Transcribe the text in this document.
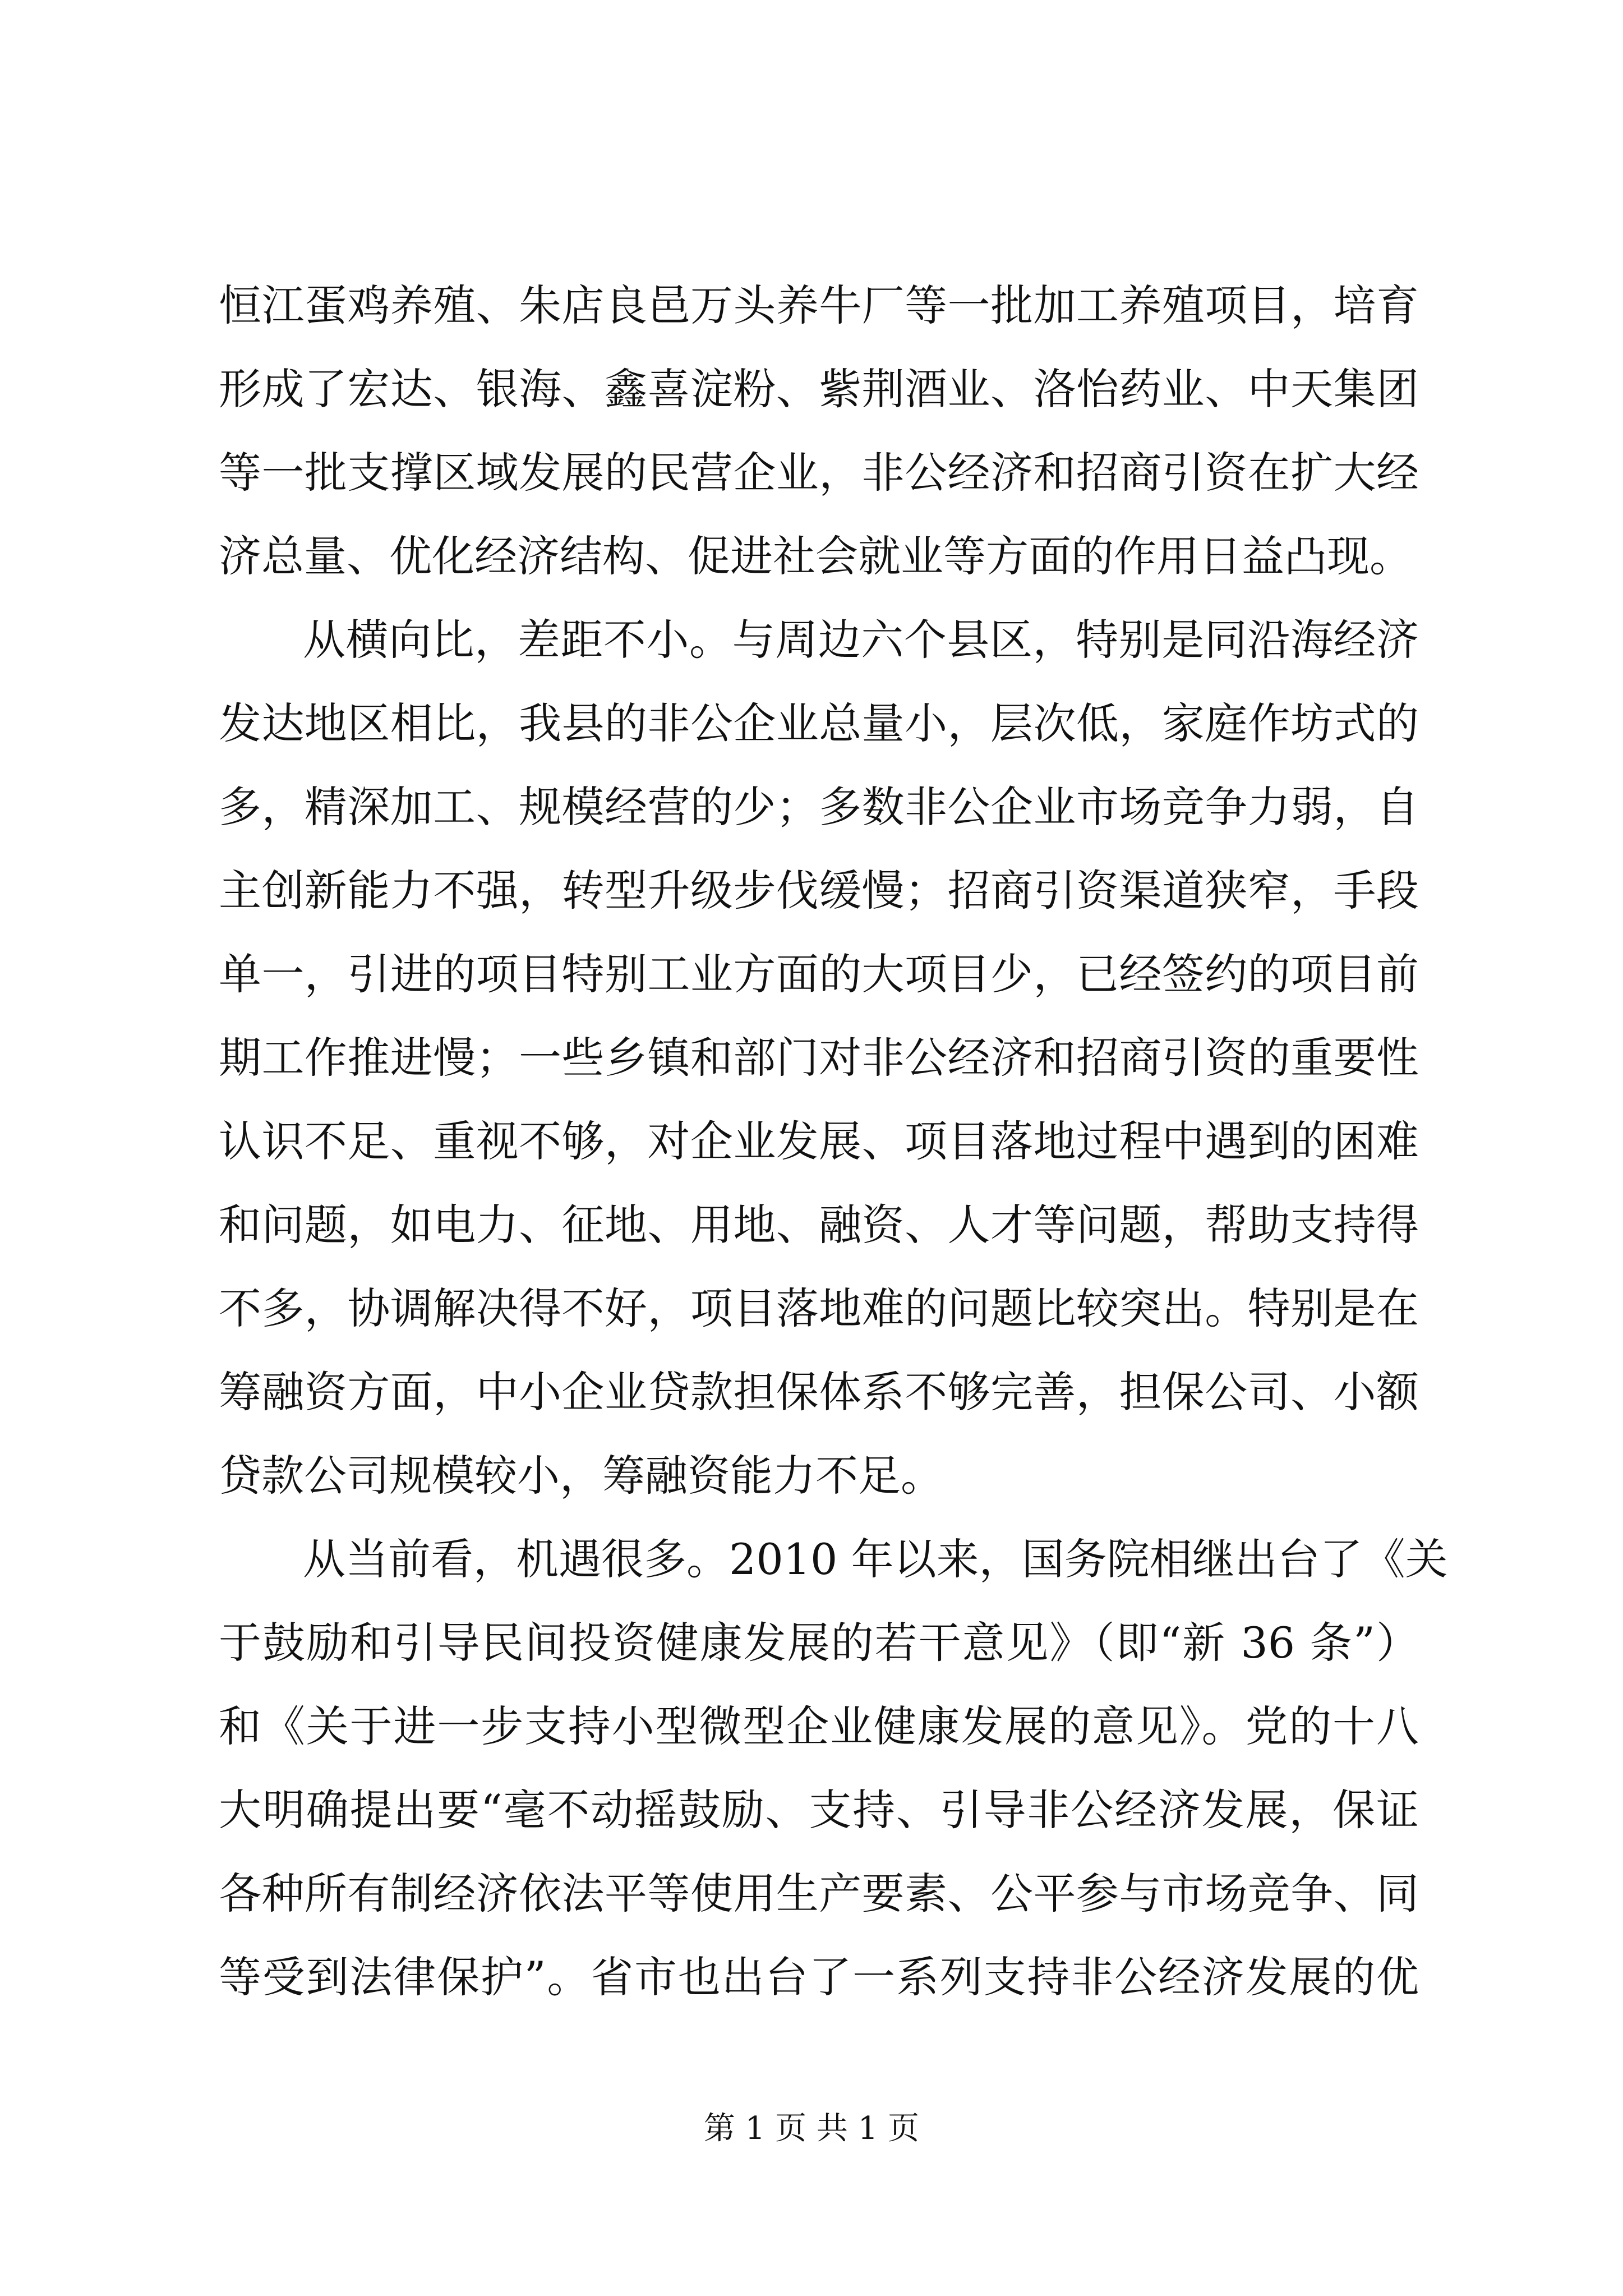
恒江蛋鸡养殖、朱店良邑万头养牛厂等一批加工养殖项目，培育
形成了宏达、银海、鑫喜淀粉、紫荆酒业、洛怡药业、中天集团
等一批支撑区域发展的民营企业，非公经济和招商引资在扩大经
济总量、优化经济结构、促进社会就业等方面的作用日益凸现。
从横向比，差距不小。与周边六个县区，特别是同沿海经济
发达地区相比，我县的非公企业总量小，层次低，家庭作坊式的
多，精深加工、规模经营的少；多数非公企业市场竞争力弱，自
主创新能力不强，转型升级步伐缓慢；招商引资渠道狭窄，手段
单一，引进的项目特别工业方面的大项目少，已经签约的项目前
期工作推进慢；一些乡镇和部门对非公经济和招商引资的重要性
认识不足、重视不够，对企业发展、项目落地过程中遇到的困难
和问题，如电力、征地、用地、融资、人才等问题，帮助支持得
不多，协调解决得不好，项目落地难的问题比较突出。特别是在
筹融资方面，中小企业贷款担保体系不够完善，担保公司、小额
贷款公司规模较小，筹融资能力不足。
从当前看，机遇很多。2010 年以来，国务院相继出台了《关
于鼓励和引导民间投资健康发展的若干意见》（即“新 36 条”）
和《关于进一步支持小型微型企业健康发展的意见》。党的十八
大明确提出要“毫不动摇鼓励、支持、引导非公经济发展，保证
各种所有制经济依法平等使用生产要素、公平参与市场竞争、同
等受到法律保护”。省市也出台了一系列支持非公经济发展的优
第 1 页 共 1 页
